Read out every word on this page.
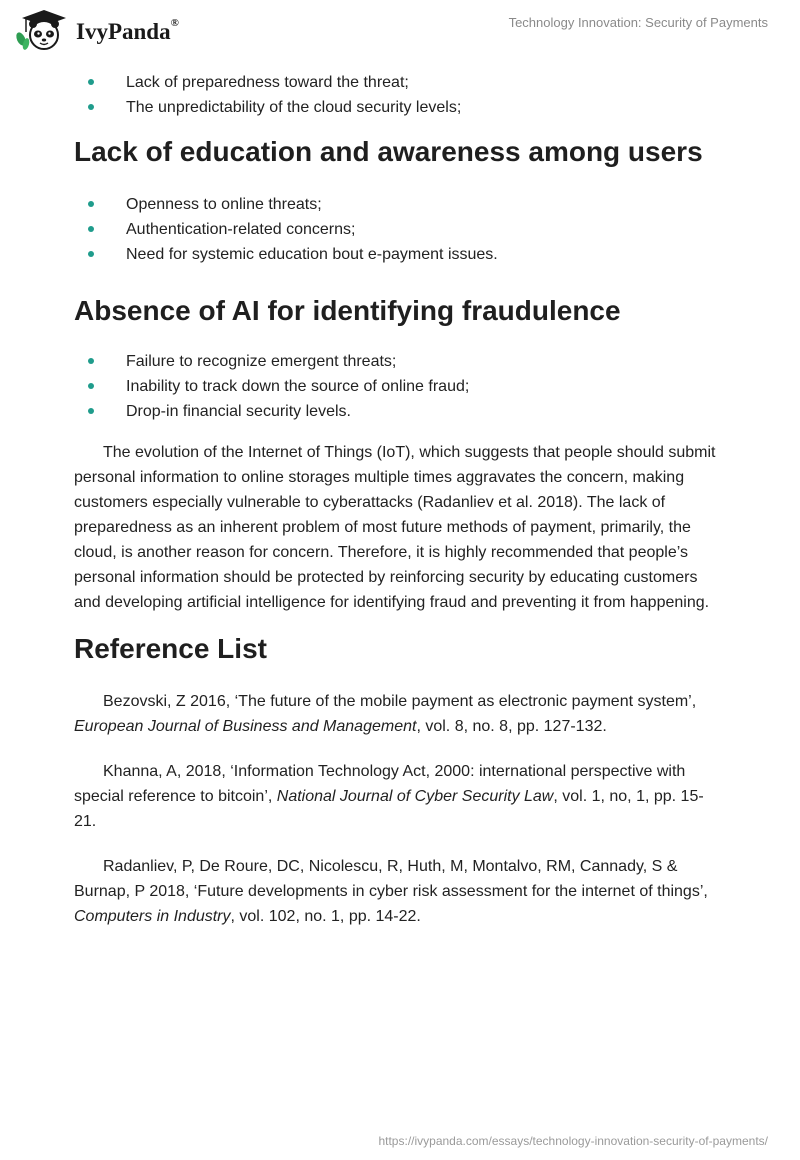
IvyPanda®	Technology Innovation: Security of Payments
Lack of preparedness toward the threat;
The unpredictability of the cloud security levels;
Lack of education and awareness among users
Openness to online threats;
Authentication-related concerns;
Need for systemic education bout e-payment issues.
Absence of AI for identifying fraudulence
Failure to recognize emergent threats;
Inability to track down the source of online fraud;
Drop-in financial security levels.

The evolution of the Internet of Things (IoT), which suggests that people should submit personal information to online storages multiple times aggravates the concern, making customers especially vulnerable to cyberattacks (Radanliev et al. 2018). The lack of preparedness as an inherent problem of most future methods of payment, primarily, the cloud, is another reason for concern. Therefore, it is highly recommended that people’s personal information should be protected by reinforcing security by educating customers and developing artificial intelligence for identifying fraud and preventing it from happening.

Reference List

Bezovski, Z 2016, ‘The future of the mobile payment as electronic payment system’, European Journal of Business and Management, vol. 8, no. 8, pp. 127-132.

Khanna, A, 2018, ‘Information Technology Act, 2000: international perspective with special reference to bitcoin’, National Journal of Cyber Security Law, vol. 1, no, 1, pp. 15-21.

Radanliev, P, De Roure, DC, Nicolescu, R, Huth, M, Montalvo, RM, Cannady, S & Burnap, P 2018, ‘Future developments in cyber risk assessment for the internet of things’, Computers in Industry, vol. 102, no. 1, pp. 14-22.

https://ivypanda.com/essays/technology-innovation-security-of-payments/
